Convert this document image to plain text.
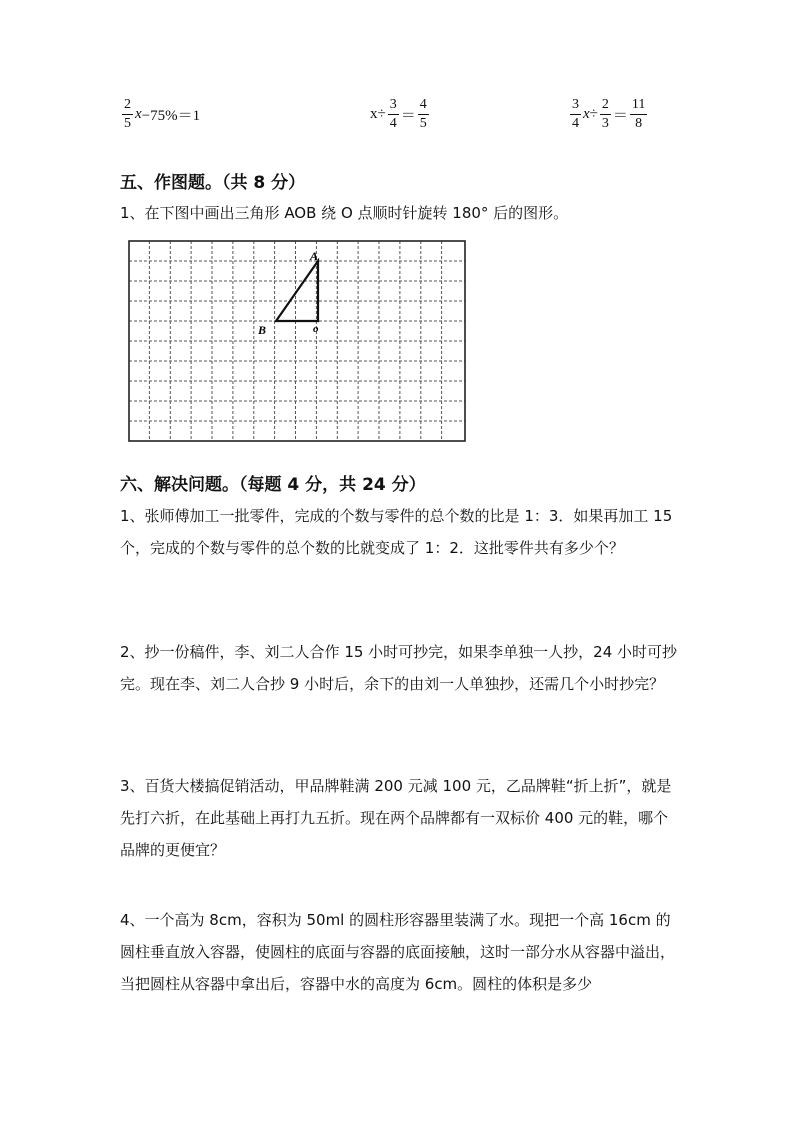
$\frac{2}{5}$ x −75%＝1	$x\div \frac{3}{4} = \frac{4}{5}$	$\frac{3}{4}$ $x \div \frac{2}{3} = \frac{11}{8}$
五、作图题。（共 8 分）
1、在下图中画出三角形 AOB 绕 O 点顺时针旋转 180° 后的图形。
A
B	o
六、解决问题。（每题 4 分，共 24 分）
1、张师傅加工一批零件，完成的个数与零件的总个数的比是 1：3．如果再加工 15 个，完成的个数与零件的总个数的比就变成了 1：2．这批零件共有多少个？
2、抄一份稿件，李、刘二人合作 15 小时可抄完，如果李单独一人抄，24 小时可抄完。现在李、刘二人合抄 9 小时后，余下的由刘一人单独抄，还需几个小时抄完？
3、百货大楼搞促销活动，甲品牌鞋满 200 元减 100 元，乙品牌鞋“折上折”，就是先打六折，在此基础上再打九五折。现在两个品牌都有一双标价 400 元的鞋，哪个品牌的更便宜？
4、一个高为 8cm，容积为 50ml 的圆柱形容器里装满了水。现把一个高 16cm 的圆柱垂直放入容器，使圆柱的底面与容器的底面接触，这时一部分水从容器中溢出，当把圆柱从容器中拿出后，容器中水的高度为 6cm。圆柱的体积是多少
